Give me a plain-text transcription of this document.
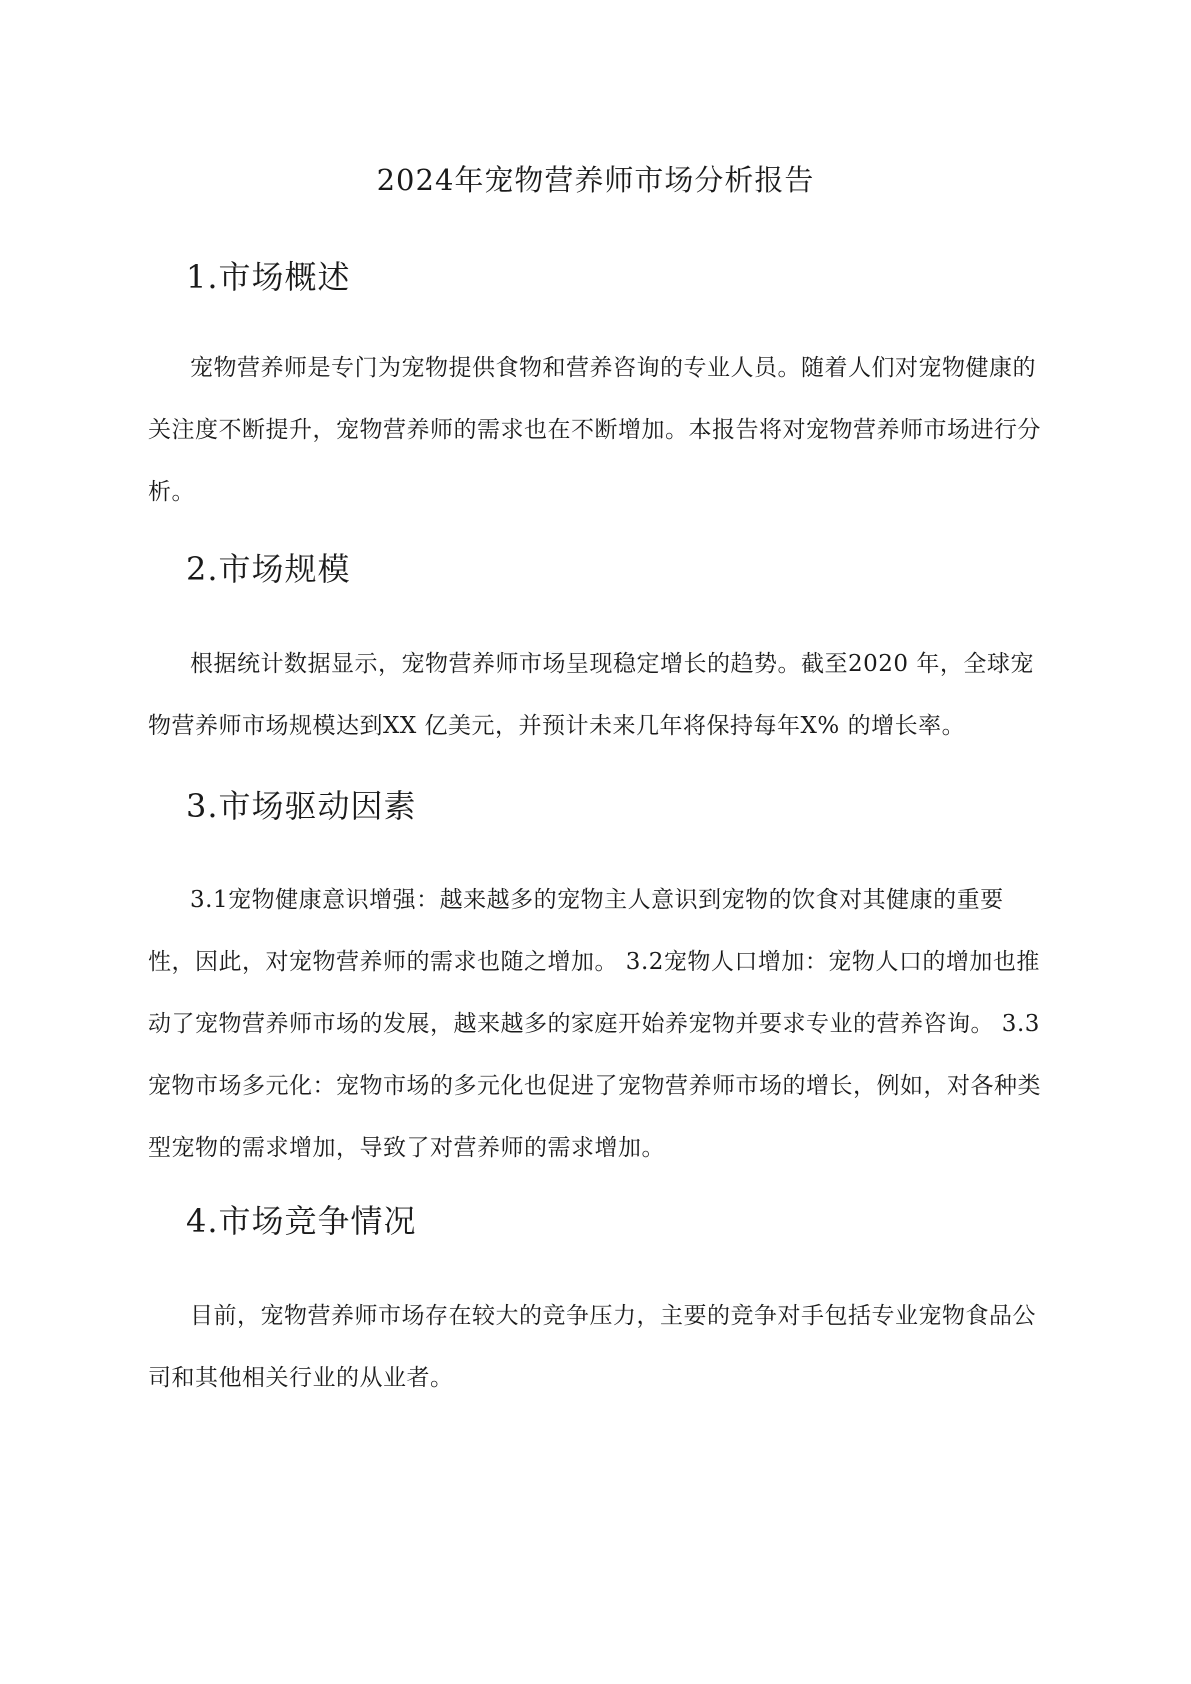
2024年宠物营养师市场分析报告
1.市场概述
宠物营养师是专门为宠物提供食物和营养咨询的专业人员。随着人们对宠物健康的关注度不断提升，宠物营养师的需求也在不断增加。本报告将对宠物营养师市场进行分析。
2.市场规模
根据统计数据显示，宠物营养师市场呈现稳定增长的趋势。截至2020 年，全球宠物营养师市场规模达到XX 亿美元，并预计未来几年将保持每年X% 的增长率。
3.市场驱动因素
3.1宠物健康意识增强：越来越多的宠物主人意识到宠物的饮食对其健康的重要性，因此，对宠物营养师的需求也随之增加。 3.2宠物人口增加：宠物人口的增加也推动了宠物营养师市场的发展，越来越多的家庭开始养宠物并要求专业的营养咨询。 3.3宠物市场多元化：宠物市场的多元化也促进了宠物营养师市场的增长，例如，对各种类型宠物的需求增加，导致了对营养师的需求增加。
4.市场竞争情况
目前，宠物营养师市场存在较大的竞争压力，主要的竞争对手包括专业宠物食品公司和其他相关行业的从业者。
